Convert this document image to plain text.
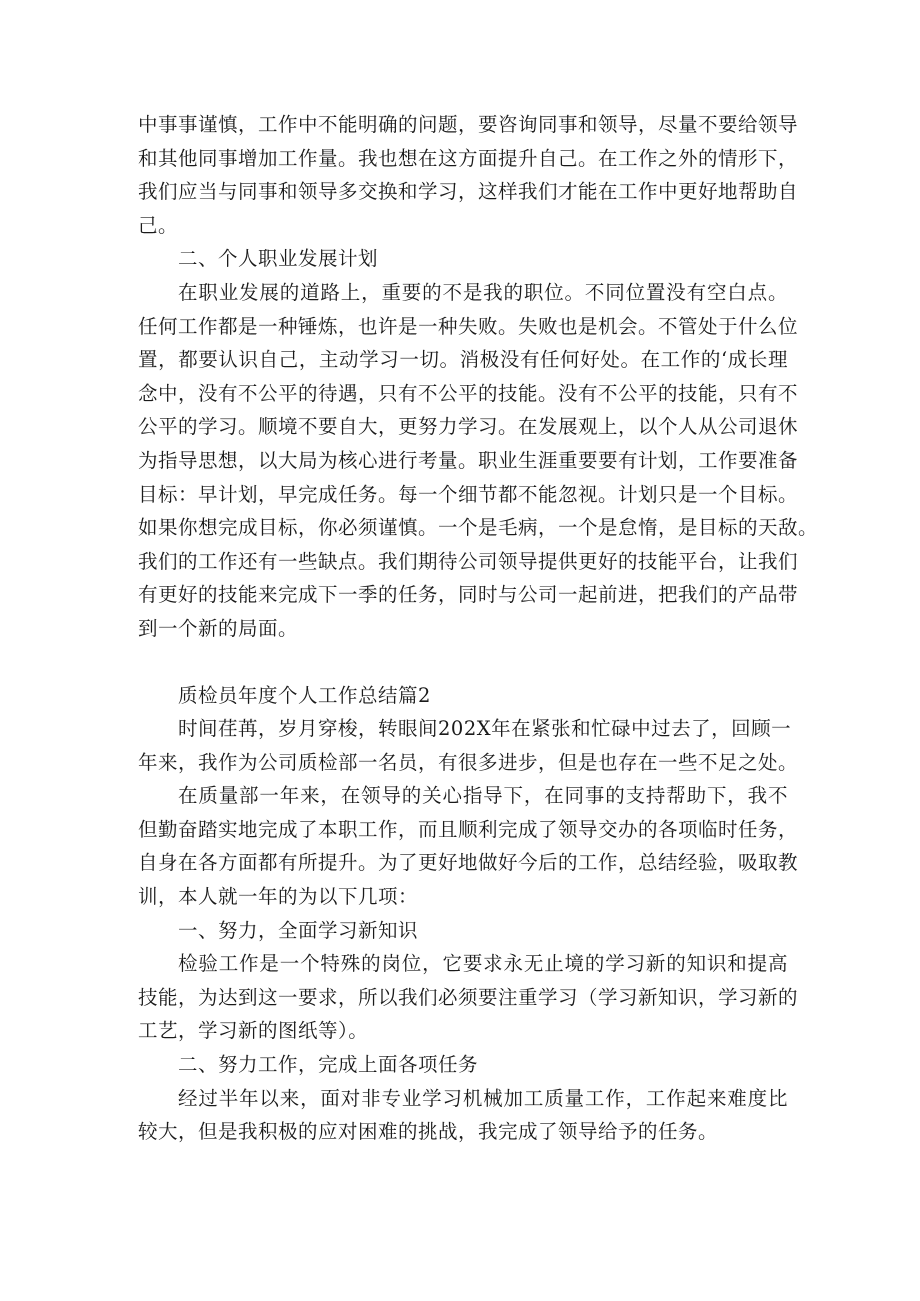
中事事谨慎，工作中不能明确的问题，要咨询同事和领导，尽量不要给领导
和其他同事增加工作量。我也想在这方面提升自己。在工作之外的情形下，
我们应当与同事和领导多交换和学习，这样我们才能在工作中更好地帮助自
己。
二、个人职业发展计划
在职业发展的道路上，重要的不是我的职位。不同位置没有空白点。
任何工作都是一种锤炼，也许是一种失败。失败也是机会。不管处于什么位
置，都要认识自己，主动学习一切。消极没有任何好处。在工作的‘成长理
念中，没有不公平的待遇，只有不公平的技能。没有不公平的技能，只有不
公平的学习。顺境不要自大，更努力学习。在发展观上，以个人从公司退休
为指导思想，以大局为核心进行考量。职业生涯重要要有计划，工作要准备
目标：早计划，早完成任务。每一个细节都不能忽视。计划只是一个目标。
如果你想完成目标，你必须谨慎。一个是毛病，一个是怠惰，是目标的天敌。
我们的工作还有一些缺点。我们期待公司领导提供更好的技能平台，让我们
有更好的技能来完成下一季的任务，同时与公司一起前进，把我们的产品带
到一个新的局面。
质检员年度个人工作总结篇2
时间荏苒，岁月穿梭，转眼间202X年在紧张和忙碌中过去了，回顾一
年来，我作为公司质检部一名员，有很多进步，但是也存在一些不足之处。
在质量部一年来，在领导的关心指导下，在同事的支持帮助下，我不
但勤奋踏实地完成了本职工作，而且顺利完成了领导交办的各项临时任务，
自身在各方面都有所提升。为了更好地做好今后的工作，总结经验，吸取教
训，本人就一年的为以下几项：
一、努力，全面学习新知识
检验工作是一个特殊的岗位，它要求永无止境的学习新的知识和提高
技能，为达到这一要求，所以我们必须要注重学习（学习新知识，学习新的
工艺，学习新的图纸等）。
二、努力工作，完成上面各项任务
经过半年以来，面对非专业学习机械加工质量工作，工作起来难度比
较大，但是我积极的应对困难的挑战，我完成了领导给予的任务。
